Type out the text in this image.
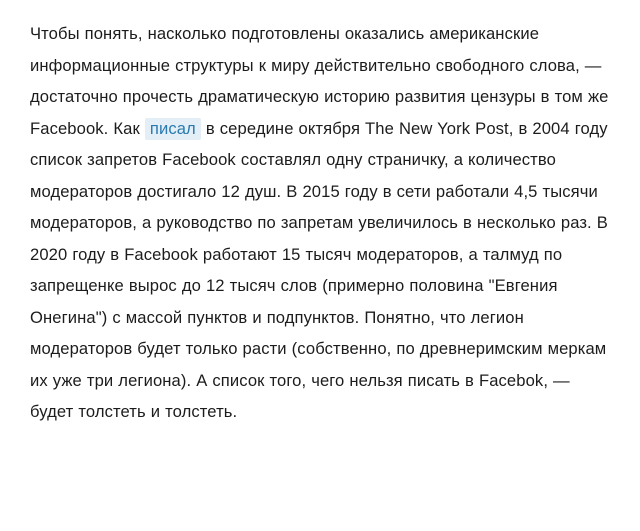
Чтобы понять, насколько подготовлены оказались американские информационные структуры к миру действительно свободного слова, — достаточно прочесть драматическую историю развития цензуры в том же Facebook. Как писал в середине октября The New York Post, в 2004 году список запретов Facebook составлял одну страничку, а количество модераторов достигало 12 душ. В 2015 году в сети работали 4,5 тысячи модераторов, а руководство по запретам увеличилось в несколько раз. В 2020 году в Facebook работают 15 тысяч модераторов, а талмуд по запрещенке вырос до 12 тысяч слов (примерно половина "Евгения Онегина") с массой пунктов и подпунктов. Понятно, что легион модераторов будет только расти (собственно, по древнеримским меркам их уже три легиона). А список того, чего нельзя писать в Facebok, — будет толстеть и толстеть.
